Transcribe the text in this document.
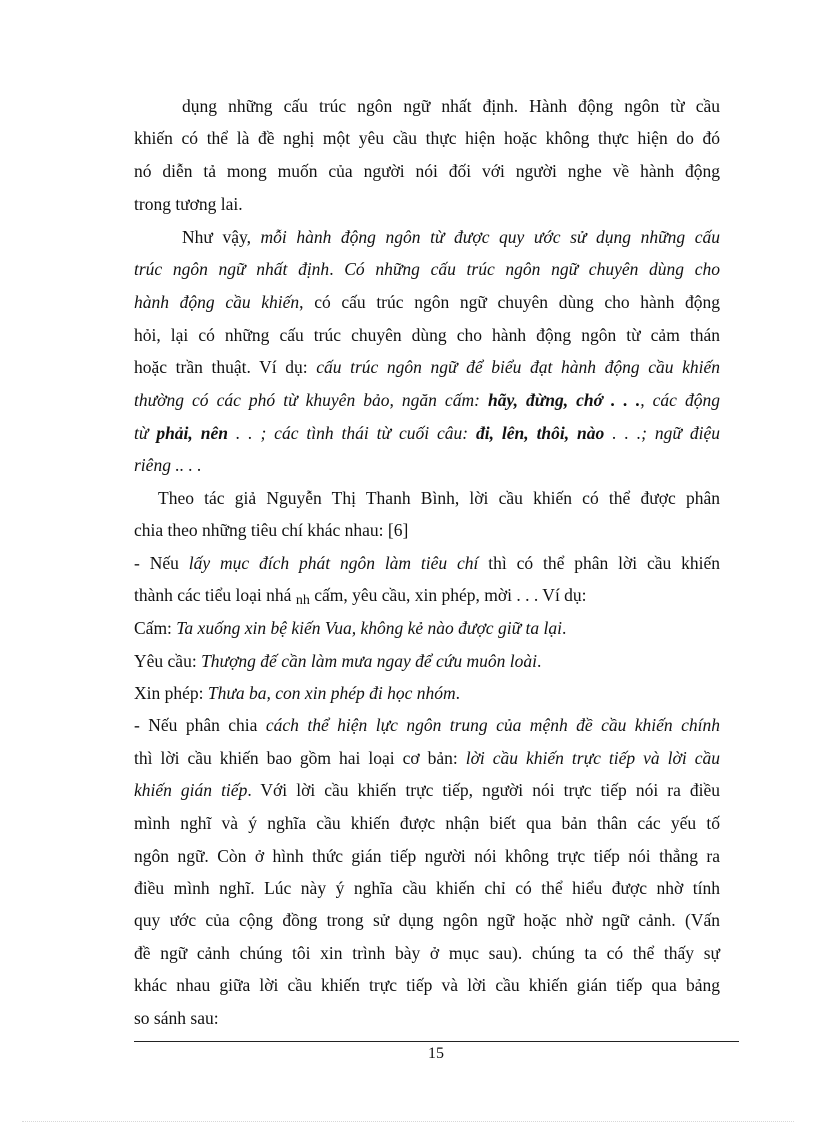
dụng những cấu trúc ngôn ngữ nhất định. Hành động ngôn từ cầu
khiến có thể là đề nghị một yêu cầu thực hiện hoặc không thực hiện do đó
nó diễn tả mong muốn của người nói đối với người nghe về hành động
trong tương lai.
Như vậy, mỗi hành động ngôn từ được quy ước sử dụng những cấu
trúc ngôn ngữ nhất định. Có những cấu trúc ngôn ngữ chuyên dùng cho
hành động cầu khiến, có cấu trúc ngôn ngữ chuyên dùng cho hành động
hỏi, lại có những cấu trúc chuyên dùng cho hành động ngôn từ cảm thán
hoặc trần thuật. Ví dụ: cấu trúc ngôn ngữ để biểu đạt hành động cầu khiến
thường có các phó từ khuyên bảo, ngăn cấm: hãy, đừng, chớ . . ., các động
từ phải, nên . . ; các tình thái từ cuối câu: đi, lên, thôi, nào . . .; ngữ điệu
riêng .. . .
Theo tác giả Nguyễn Thị Thanh Bình, lời cầu khiến có thể được phân
chia theo những tiêu chí khác nhau: [6]
- Nếu lấy mục đích phát ngôn làm tiêu chí thì có thể phân lời cầu khiến
thành các tiểu loại nhá $_{nh}$ cấm, yêu cầu, xin phép, mời . . . Ví dụ:
Cấm: Ta xuống xin bệ kiến Vua, không kẻ nào được giữ ta lại.
Yêu cầu: Thượng đế cần làm mưa ngay để cứu muôn loài.
Xin phép: Thưa ba, con xin phép đi học nhóm.
- Nếu phân chia cách thể hiện lực ngôn trung của mệnh đề cầu khiến chính
thì lời cầu khiến bao gồm hai loại cơ bản: lời cầu khiến trực tiếp và lời cầu
khiến gián tiếp. Với lời cầu khiến trực tiếp, người nói trực tiếp nói ra điều
mình nghĩ và ý nghĩa cầu khiến được nhận biết qua bản thân các yếu tố
ngôn ngữ. Còn ở hình thức gián tiếp người nói không trực tiếp nói thẳng ra
điều mình nghĩ. Lúc này ý nghĩa cầu khiến chỉ có thể hiểu được nhờ tính
quy ước của cộng đồng trong sử dụng ngôn ngữ hoặc nhờ ngữ cảnh. (Vấn
đề ngữ cảnh chúng tôi xin trình bày ở mục sau). chúng ta có thể thấy sự
khác nhau giữa lời cầu khiến trực tiếp và lời cầu khiến gián tiếp qua bảng
so sánh sau:
15
